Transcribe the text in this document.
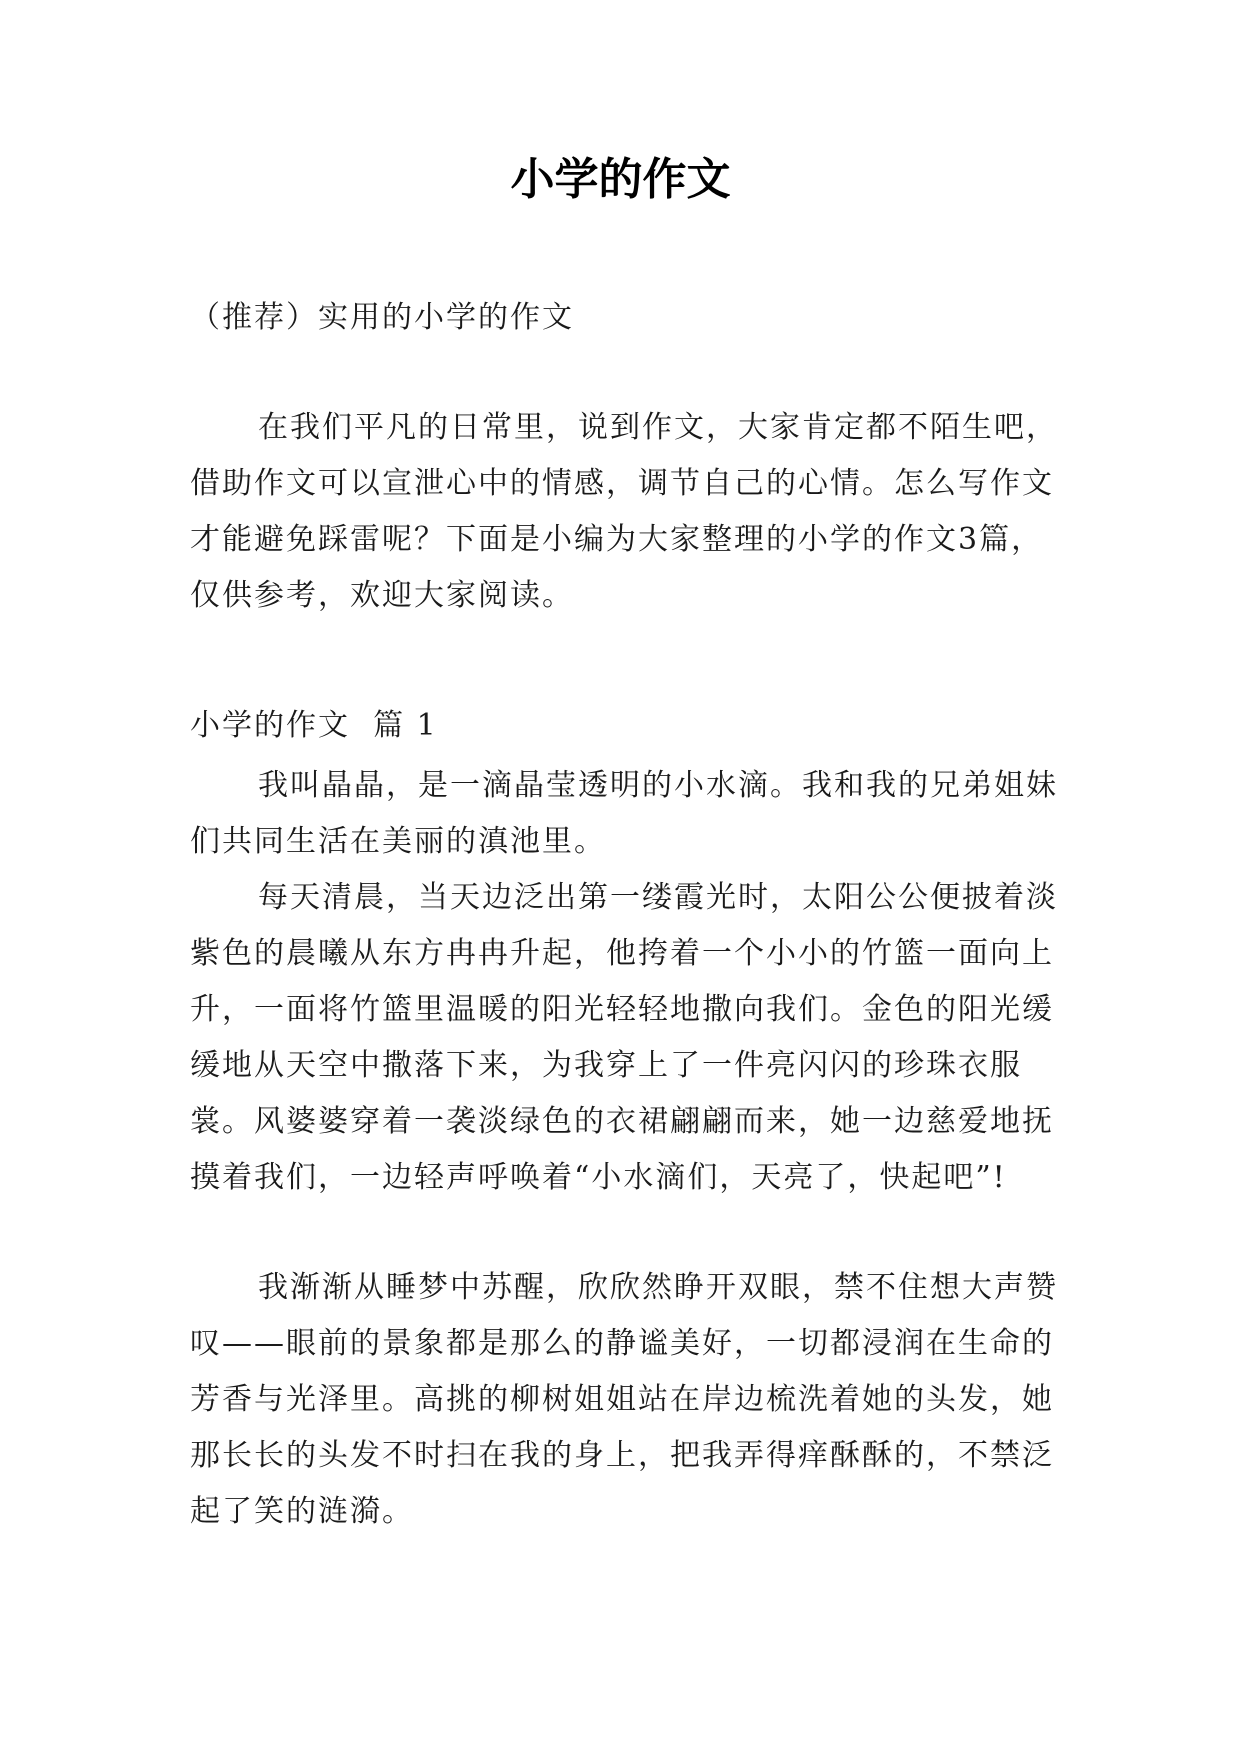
小学的作文

（推荐）实用的小学的作文

在我们平凡的日常里，说到作文，大家肯定都不陌生吧，借助作文可以宣泄心中的情感，调节自己的心情。怎么写作文才能避免踩雷呢？下面是小编为大家整理的小学的作文3篇，仅供参考，欢迎大家阅读。

小学的作文  篇 1

我叫晶晶，是一滴晶莹透明的小水滴。我和我的兄弟姐妹们共同生活在美丽的滇池里。

每天清晨，当天边泛出第一缕霞光时，太阳公公便披着淡紫色的晨曦从东方冉冉升起，他挎着一个小小的竹篮一面向上升，一面将竹篮里温暖的阳光轻轻地撒向我们。金色的阳光缓缓地从天空中撒落下来，为我穿上了一件亮闪闪的珍珠衣服裳。风婆婆穿着一袭淡绿色的衣裙翩翩而来，她一边慈爱地抚摸着我们，一边轻声呼唤着“小水滴们，天亮了，快起吧”!

我渐渐从睡梦中苏醒，欣欣然睁开双眼，禁不住想大声赞叹——眼前的景象都是那么的静谧美好，一切都浸润在生命的芳香与光泽里。高挑的柳树姐姐站在岸边梳洗着她的头发，她那长长的头发不时扫在我的身上，把我弄得痒酥酥的，不禁泛起了笑的涟漪。
